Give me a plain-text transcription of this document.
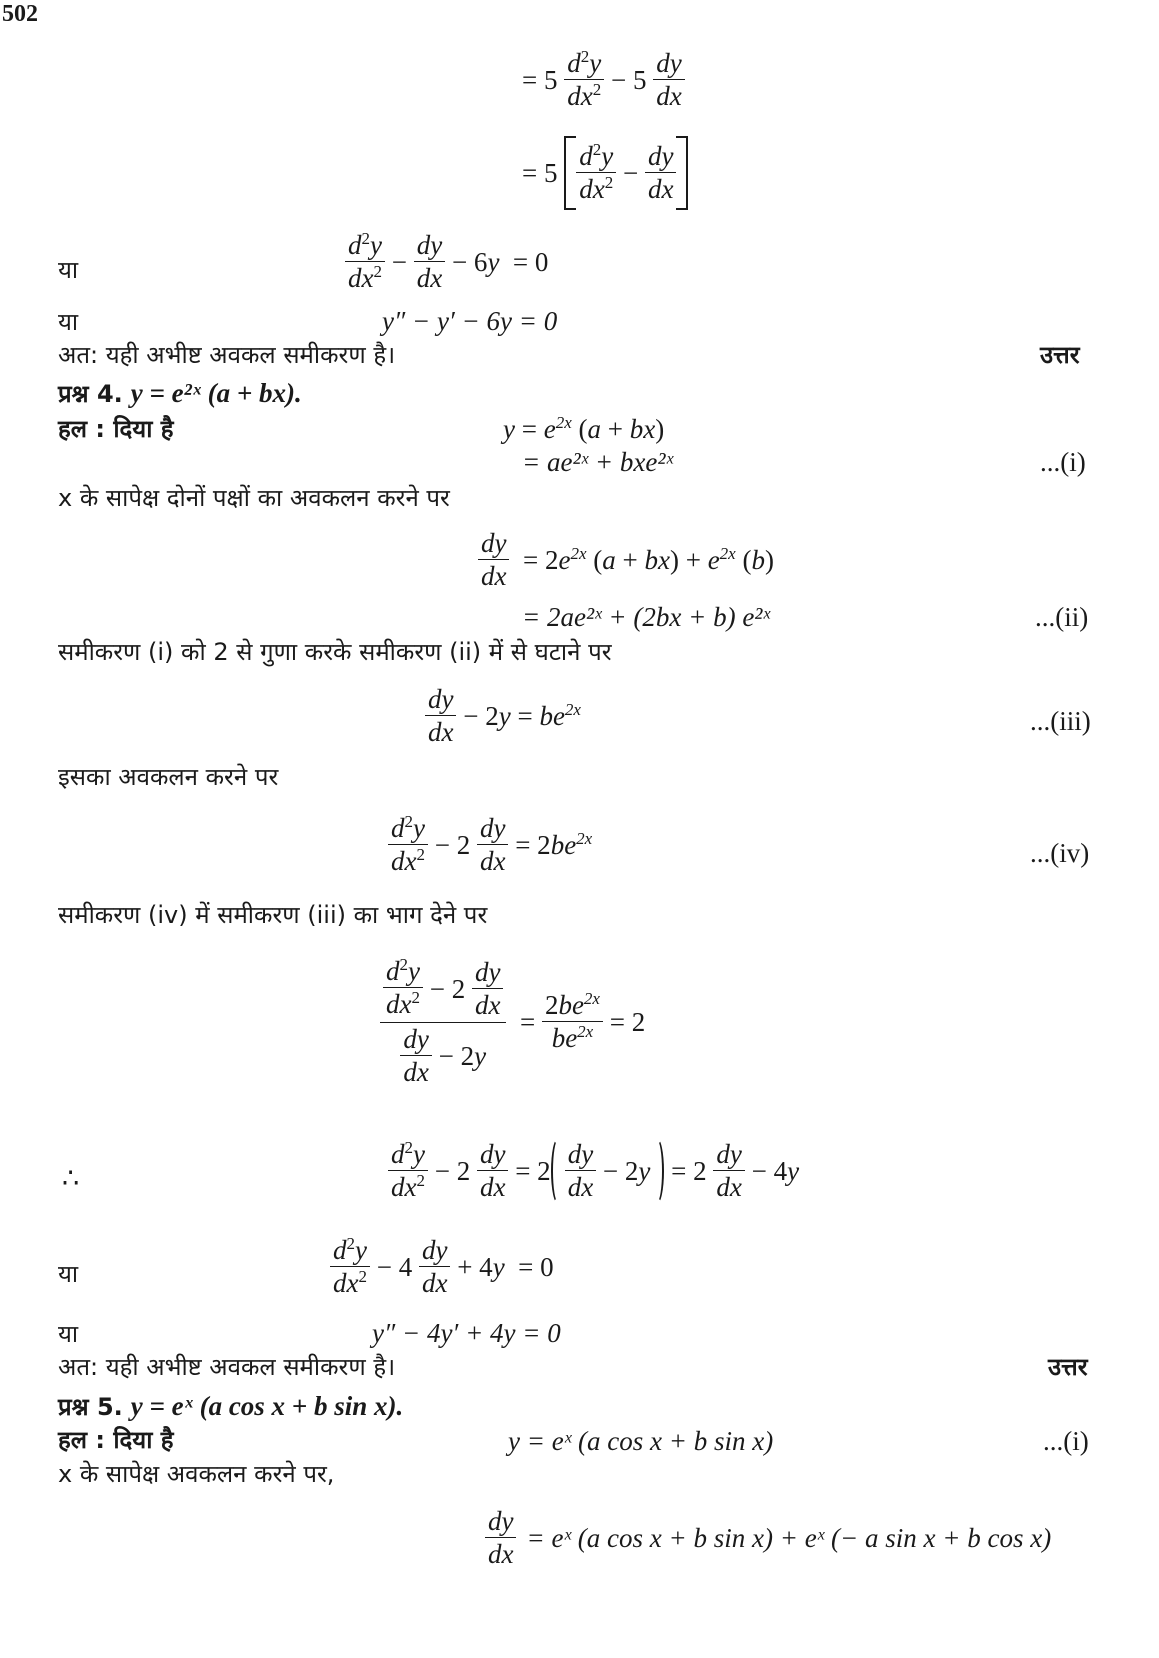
502
= $5 \frac{d^2y}{dx^2} - 5 \frac{dy}{dx}$
= $5 \frac{d^2y}{dx^2} - \frac{dy}{dx}$
या	$\frac{d^2y}{dx^2} - \frac{dy}{dx} - 6y = 0$
या	y″ − y′ − 6y = 0
अत: यही अभीष्ट अवकल समीकरण है।	उत्तर
प्रश्न 4. y = e²ˣ (a + bx).
हल : दिया है	$y = e^{2x}$ (a + bx)
= ae²ˣ + bxe²ˣ	...(i)
x के सापेक्ष दोनों पक्षों का अवकलन करने पर
$\frac{dy}{dx} = 2e^{2x}$ $(a + bx) + e^{2x}$ (b)
= 2ae²ˣ + (2bx + b) e²ˣ	...(ii)
समीकरण (i) को 2 से गुणा करके समीकरण (ii) में से घटाने पर
$\frac{dy}{dx} - 2y = be^{2x}$	...(iii)
इसका अवकलन करने पर
$\frac{d^2y}{dx^2} - 2 \frac{dy}{dx} = 2be^{2x}$	...(iv)
समीकरण (iv) में समीकरण (iii) का भाग देने पर
$\frac{\frac{d^2y}{dx^2} - 2 \frac{dy}{dx}}{\frac{dy}{dx} - 2y} = \frac{2be^{2x}}{be^{2x}} = 2$
∴	$\frac{d^2y}{dx^2} - 2 \frac{dy}{dx} = 2 \frac{dy}{dx} - 2y = 2 \frac{dy}{dx} - 4y$
या	$\frac{d^2y}{dx^2} - 4 \frac{dy}{dx} + 4y = 0$
या	y″ − 4y′ + 4y = 0
अत: यही अभीष्ट अवकल समीकरण है।	उत्तर
प्रश्न 5. y = eˣ (a cos x + b sin x).
हल : दिया है	y = eˣ (a cos x + b sin x)	...(i)
x के सापेक्ष अवकलन करने पर,
$\frac{dy}{dx}$ = eˣ (a cos x + b sin x) + eˣ (− a sin x + b cos x)
